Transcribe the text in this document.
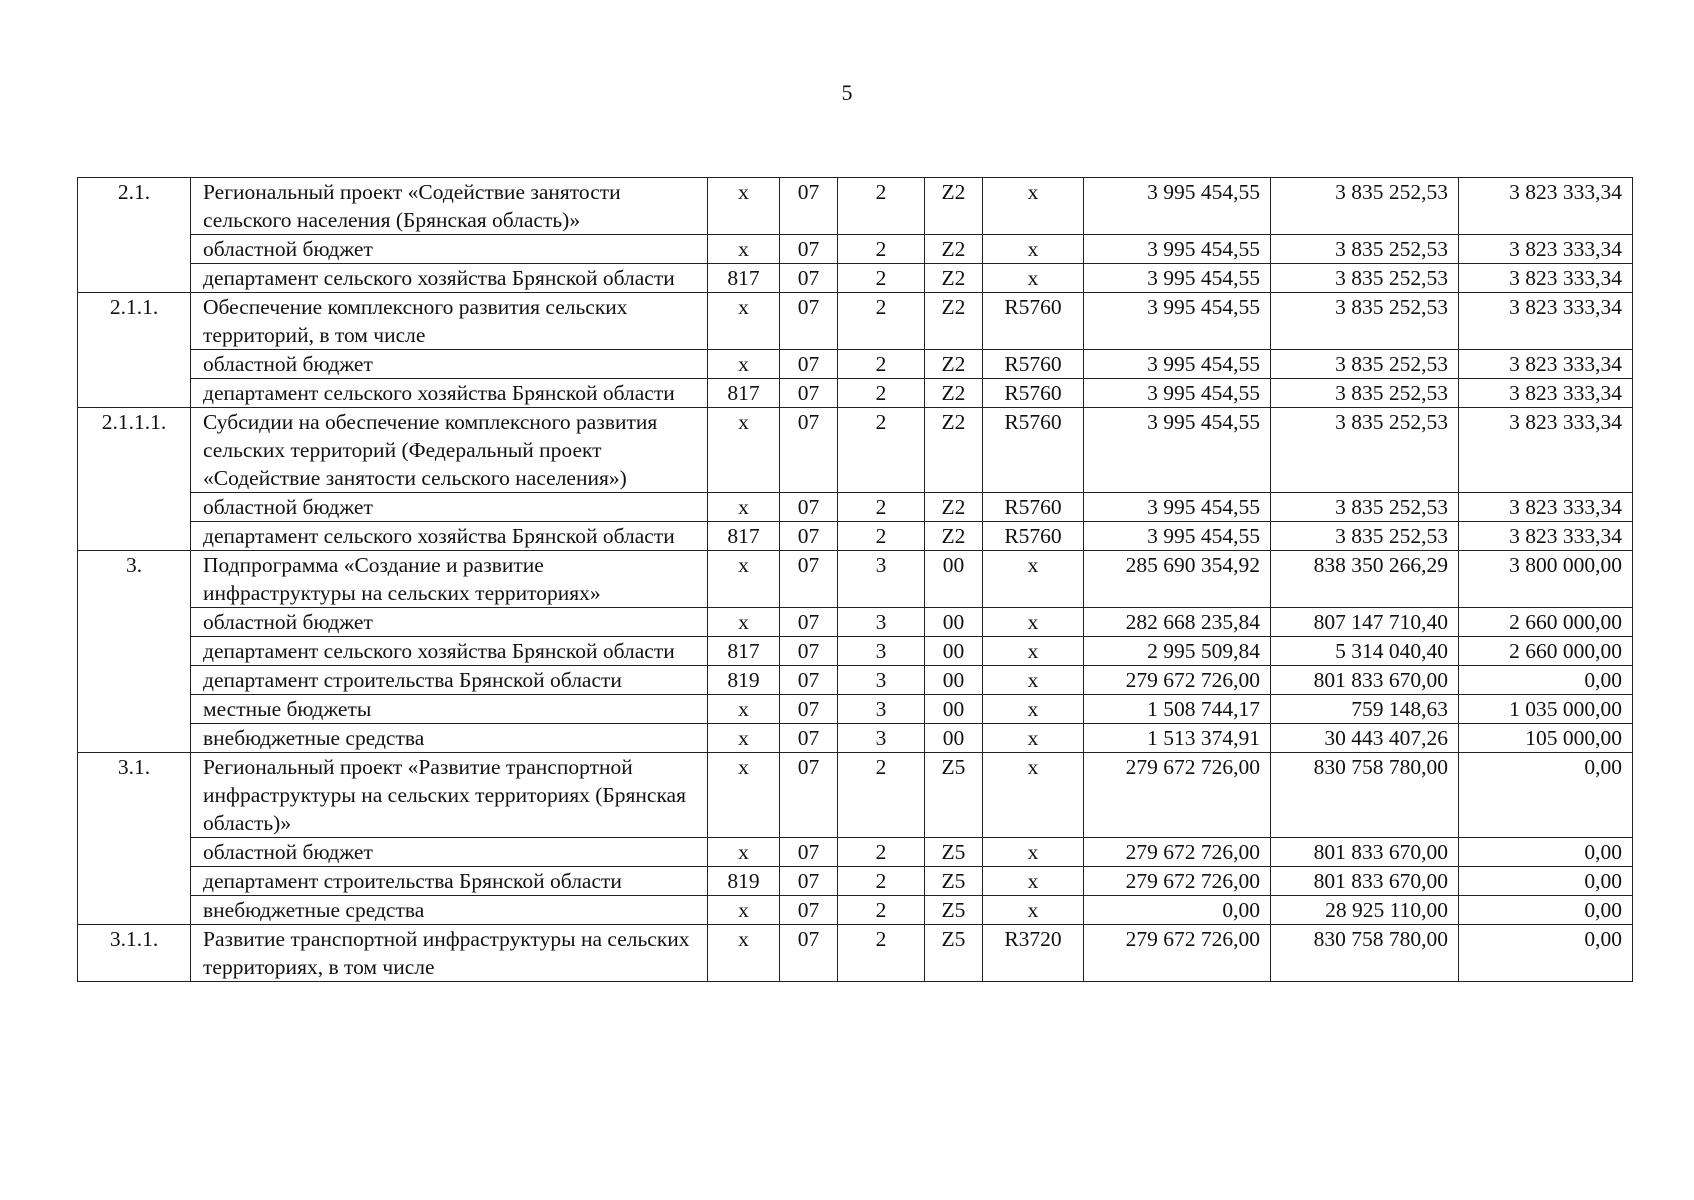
5
2.1.	Региональный проект «Содействие занятости сельского населения (Брянская область)»	х	07	2	Z2	х	3 995 454,55	3 835 252,53	3 823 333,34
	областной бюджет	х	07	2	Z2	х	3 995 454,55	3 835 252,53	3 823 333,34
	департамент сельского хозяйства Брянской области	817	07	2	Z2	х	3 995 454,55	3 835 252,53	3 823 333,34
2.1.1.	Обеспечение комплексного развития сельских территорий, в том числе	х	07	2	Z2	R5760	3 995 454,55	3 835 252,53	3 823 333,34
	областной бюджет	х	07	2	Z2	R5760	3 995 454,55	3 835 252,53	3 823 333,34
	департамент сельского хозяйства Брянской области	817	07	2	Z2	R5760	3 995 454,55	3 835 252,53	3 823 333,34
2.1.1.1.	Субсидии на обеспечение комплексного развития сельских территорий (Федеральный проект «Содействие занятости сельского населения»)	х	07	2	Z2	R5760	3 995 454,55	3 835 252,53	3 823 333,34
	областной бюджет	х	07	2	Z2	R5760	3 995 454,55	3 835 252,53	3 823 333,34
	департамент сельского хозяйства Брянской области	817	07	2	Z2	R5760	3 995 454,55	3 835 252,53	3 823 333,34
3.	Подпрограмма «Создание и развитие инфраструктуры на сельских территориях»	х	07	3	00	х	285 690 354,92	838 350 266,29	3 800 000,00
	областной бюджет	х	07	3	00	х	282 668 235,84	807 147 710,40	2 660 000,00
	департамент сельского хозяйства Брянской области	817	07	3	00	х	2 995 509,84	5 314 040,40	2 660 000,00
	департамент строительства Брянской области	819	07	3	00	х	279 672 726,00	801 833 670,00	0,00
	местные бюджеты	х	07	3	00	х	1 508 744,17	759 148,63	1 035 000,00
	внебюджетные средства	х	07	3	00	х	1 513 374,91	30 443 407,26	105 000,00
3.1.	Региональный проект «Развитие транспортной инфраструктуры на сельских территориях (Брянская область)»	х	07	2	Z5	х	279 672 726,00	830 758 780,00	0,00
	областной бюджет	х	07	2	Z5	х	279 672 726,00	801 833 670,00	0,00
	департамент строительства Брянской области	819	07	2	Z5	х	279 672 726,00	801 833 670,00	0,00
	внебюджетные средства	х	07	2	Z5	х	0,00	28 925 110,00	0,00
3.1.1.	Развитие транспортной инфраструктуры на сельских территориях, в том числе	х	07	2	Z5	R3720	279 672 726,00	830 758 780,00	0,00
